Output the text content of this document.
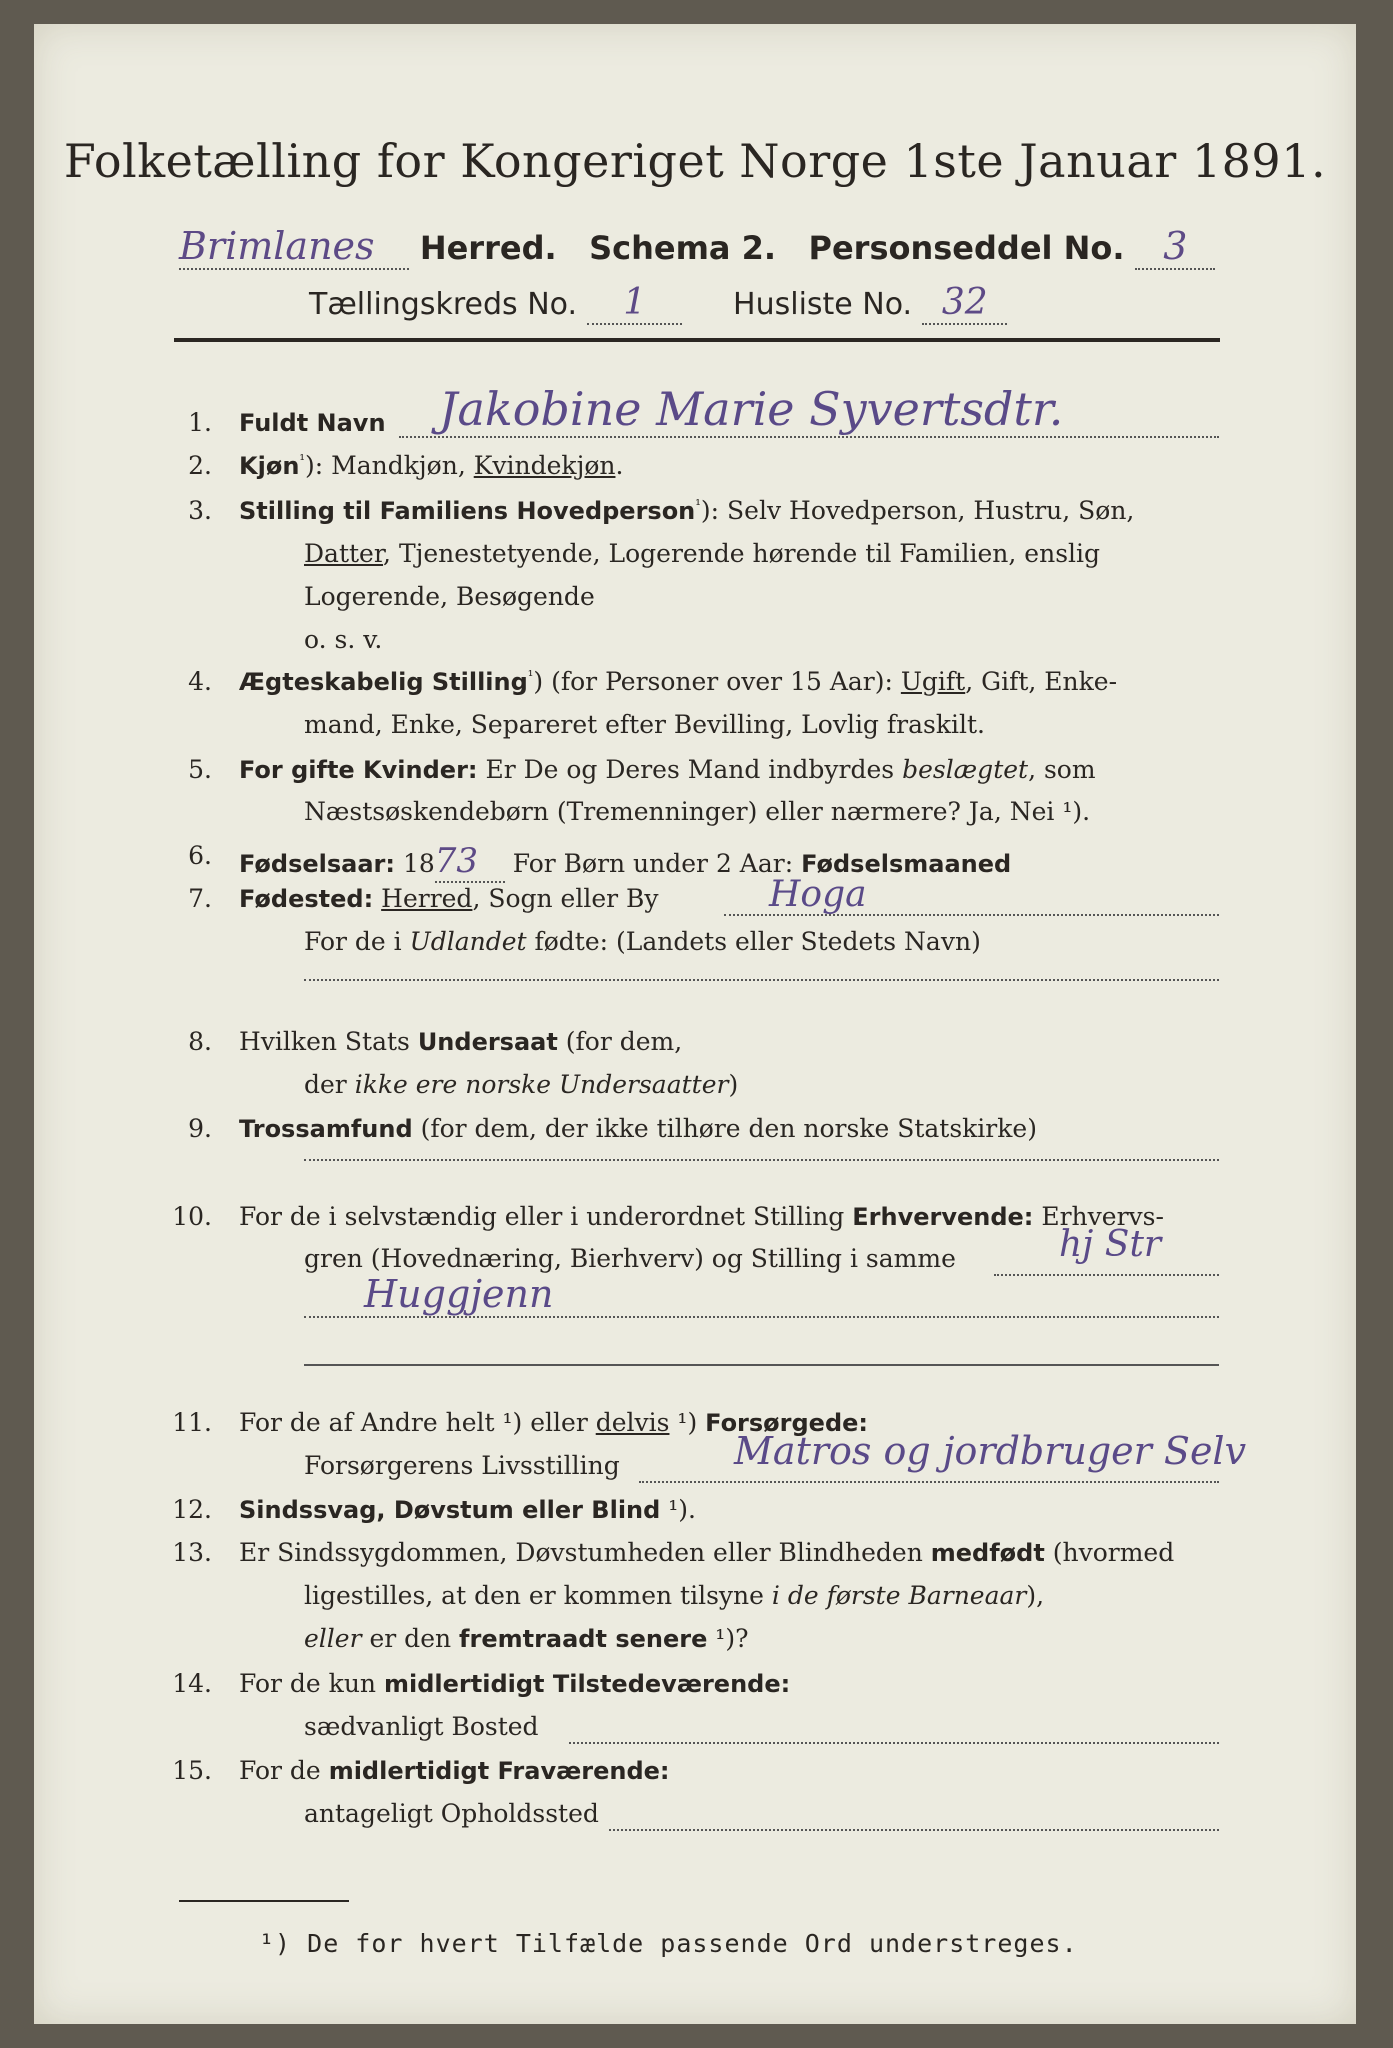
Folketælling for Kongeriget Norge 1ste Januar 1891.
Brimlanes Herred. Schema 2. Personseddel No. 3
Tællingskreds No. 1	Husliste No. 32
1. Fuldt Navn Jakobine Marie Syvertsdtr.
2. Kjøn$^{^1}$): Mandkjøn, Kvindekjøn.
3. Stilling til Familiens Hovedperson$^{^1}$): Selv Hovedperson, Hustru, Søn,
Datter, Tjenestetyende, Logerende hørende til Familien, enslig
Logerende, Besøgende
o. s. v.
4. Ægteskabelig Stilling$^{^1}$) (for Personer over 15 Aar): Ugift, Gift, Enke-
mand, Enke, Separeret efter Bevilling, Lovlig fraskilt.
5. For gifte Kvinder: Er De og Deres Mand indbyrdes beslægtet, som
Næstsøskendebørn (Tremenninger) eller nærmere? Ja, Nei ¹).
6. Fødselsaar: 1873 For Børn under 2 Aar: Fødselsmaaned
7. Fødested: Herred, Sogn eller By	Hoga
For de i Udlandet fødte: (Landets eller Stedets Navn)
8. Hvilken Stats Undersaat (for dem,
der ikke ere norske Undersaatter)
9. Trossamfund (for dem, der ikke tilhøre den norske Statskirke)
10. For de i selvstændig eller i underordnet Stilling Erhvervende: Erhvervs-
gren (Hovednæring, Bierhverv) og Stilling i samme	hj Str
Huggjenn
11. For de af Andre helt ¹) eller delvis ¹) Forsørgede:
Forsørgerens Livsstilling	Matros og jordbruger Selv
12. Sindssvag, Døvstum eller Blind ¹).
13. Er Sindssygdommen, Døvstumheden eller Blindheden medfødt (hvormed
ligestilles, at den er kommen tilsyne i de første Barneaar),
eller er den fremtraadt senere ¹)?
14. For de kun midlertidigt Tilstedeværende:
sædvanligt Bosted
15. For de midlertidigt Fraværende:
antageligt Opholdssted
¹) De for hvert Tilfælde passende Ord understreges.
